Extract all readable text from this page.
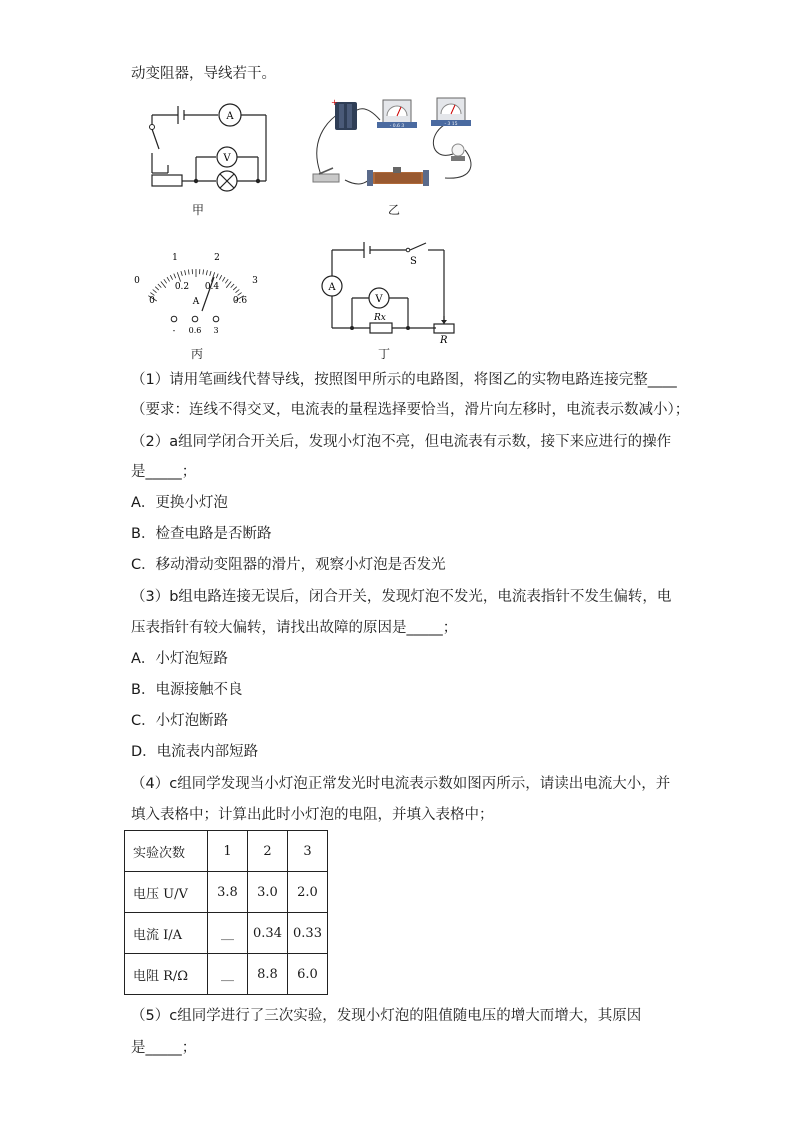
动变阻器，导线若干。
A
V
甲
+
- 0.6 3	- 3 15
乙
0
1	2
3
0
0.2 0.4
0.6
A
- 0.6 3
丙
A
V
S
Rx
R
丁
（1）请用笔画线代替导线，按照图甲所示的电路图，将图乙的实物电路连接完整____
（要求：连线不得交叉，电流表的量程选择要恰当，滑片向左移时，电流表示数减小）；
（2）a组同学闭合开关后，发现小灯泡不亮，但电流表有示数，接下来应进行的操作
是_____；
A．更换小灯泡
B．检查电路是否断路
C．移动滑动变阻器的滑片，观察小灯泡是否发光
（3）b组电路连接无误后，闭合开关，发现灯泡不发光，电流表指针不发生偏转，电
压表指针有较大偏转，请找出故障的原因是_____；
A．小灯泡短路
B．电源接触不良
C．小灯泡断路
D．电流表内部短路
（4）c组同学发现当小灯泡正常发光时电流表示数如图丙所示，请读出电流大小，并
填入表格中；计算出此时小灯泡的电阻，并填入表格中；
实验次数	1	2	3
电压 U/V	3.8	3.0	2.0
电流 I/A	__	0.34	0.33
电阻 R/Ω	__	8.8	6.0
（5）c组同学进行了三次实验，发现小灯泡的阻值随电压的增大而增大，其原因
是_____；
